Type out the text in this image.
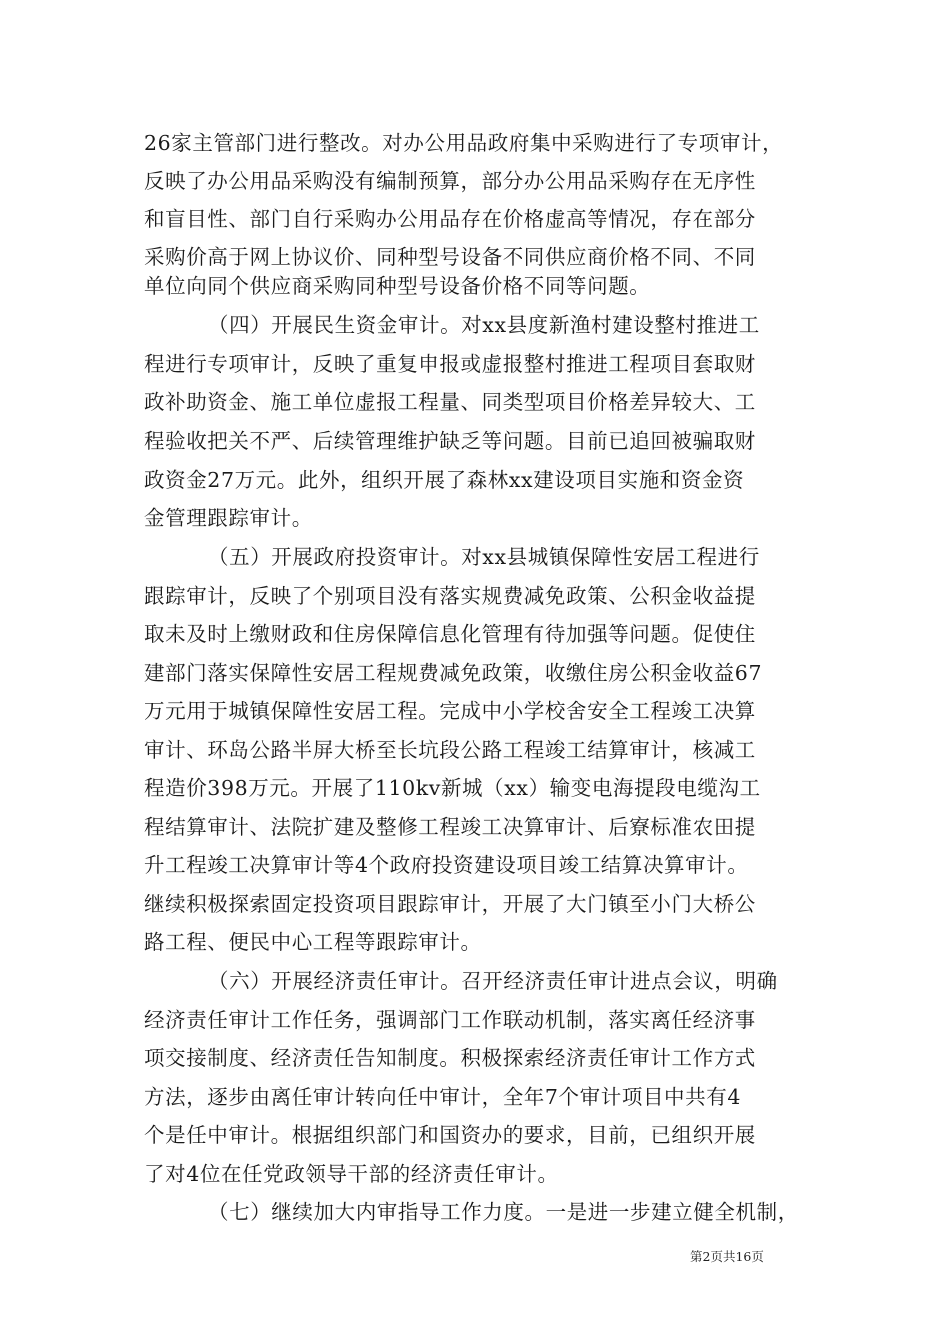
26家主管部门进行整改。对办公用品政府集中采购进行了专项审计，
反映了办公用品采购没有编制预算，部分办公用品采购存在无序性
和盲目性、部门自行采购办公用品存在价格虚高等情况，存在部分
采购价高于网上协议价、同种型号设备不同供应商价格不同、不同
单位向同个供应商采购同种型号设备价格不同等问题。
（四）开展民生资金审计。对xx县度新渔村建设整村推进工
程进行专项审计，反映了重复申报或虚报整村推进工程项目套取财
政补助资金、施工单位虚报工程量、同类型项目价格差异较大、工
程验收把关不严、后续管理维护缺乏等问题。目前已追回被骗取财
政资金27万元。此外，组织开展了森林xx建设项目实施和资金资
金管理跟踪审计。
（五）开展政府投资审计。对xx县城镇保障性安居工程进行
跟踪审计，反映了个别项目没有落实规费减免政策、公积金收益提
取未及时上缴财政和住房保障信息化管理有待加强等问题。促使住
建部门落实保障性安居工程规费减免政策，收缴住房公积金收益67
万元用于城镇保障性安居工程。完成中小学校舍安全工程竣工决算
审计、环岛公路半屏大桥至长坑段公路工程竣工结算审计，核减工
程造价398万元。开展了110kv新城（xx）输变电海提段电缆沟工
程结算审计、法院扩建及整修工程竣工决算审计、后寮标准农田提
升工程竣工决算审计等4个政府投资建设项目竣工结算决算审计。
继续积极探索固定投资项目跟踪审计，开展了大门镇至小门大桥公
路工程、便民中心工程等跟踪审计。
（六）开展经济责任审计。召开经济责任审计进点会议，明确
经济责任审计工作任务，强调部门工作联动机制，落实离任经济事
项交接制度、经济责任告知制度。积极探索经济责任审计工作方式
方法，逐步由离任审计转向任中审计，全年7个审计项目中共有4
个是任中审计。根据组织部门和国资办的要求，目前，已组织开展
了对4位在任党政领导干部的经济责任审计。
（七）继续加大内审指导工作力度。一是进一步建立健全机制，
第2页共16页
